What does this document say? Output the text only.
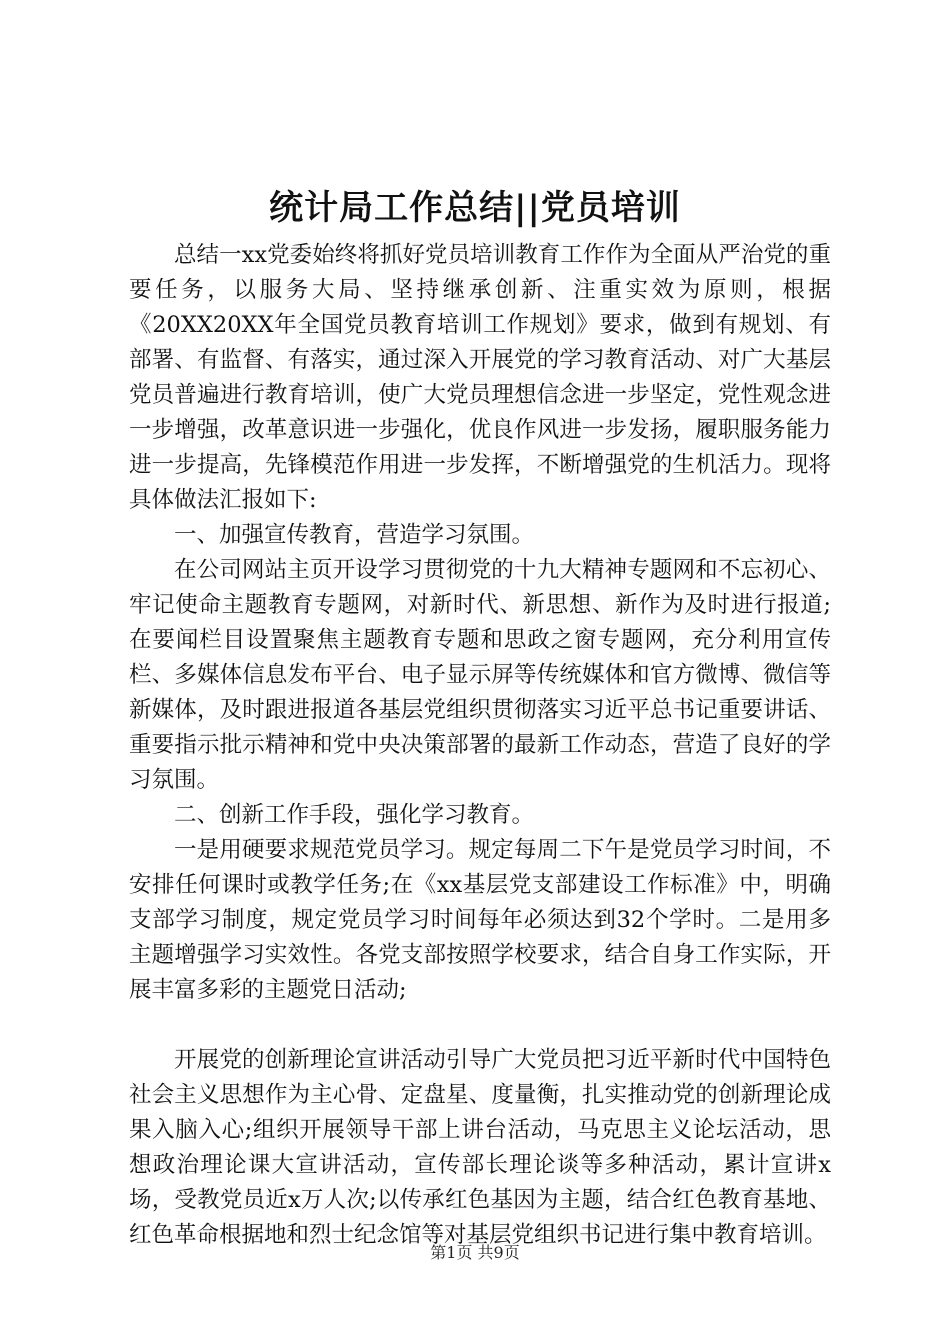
统计局工作总结||党员培训

总结一xx党委始终将抓好党员培训教育工作作为全面从严治党的重要任务，以服务大局、坚持继承创新、注重实效为原则，根据《20XX20XX年全国党员教育培训工作规划》要求，做到有规划、有部署、有监督、有落实，通过深入开展党的学习教育活动、对广大基层党员普遍进行教育培训，使广大党员理想信念进一步坚定，党性观念进一步增强，改革意识进一步强化，优良作风进一步发扬，履职服务能力进一步提高，先锋模范作用进一步发挥，不断增强党的生机活力。现将具体做法汇报如下:

一、加强宣传教育，营造学习氛围。

在公司网站主页开设学习贯彻党的十九大精神专题网和不忘初心、牢记使命主题教育专题网，对新时代、新思想、新作为及时进行报道;在要闻栏目设置聚焦主题教育专题和思政之窗专题网，充分利用宣传栏、多媒体信息发布平台、电子显示屏等传统媒体和官方微博、微信等新媒体，及时跟进报道各基层党组织贯彻落实习近平总书记重要讲话、重要指示批示精神和党中央决策部署的最新工作动态，营造了良好的学习氛围。

二、创新工作手段，强化学习教育。

一是用硬要求规范党员学习。规定每周二下午是党员学习时间，不安排任何课时或教学任务;在《xx基层党支部建设工作标准》中，明确支部学习制度，规定党员学习时间每年必须达到32个学时。二是用多主题增强学习实效性。各党支部按照学校要求，结合自身工作实际，开展丰富多彩的主题党日活动;

开展党的创新理论宣讲活动引导广大党员把习近平新时代中国特色社会主义思想作为主心骨、定盘星、度量衡，扎实推动党的创新理论成果入脑入心;组织开展领导干部上讲台活动，马克思主义论坛活动，思想政治理论课大宣讲活动，宣传部长理论谈等多种活动，累计宣讲x场，受教党员近x万人次;以传承红色基因为主题，结合红色教育基地、红色革命根据地和烈士纪念馆等对基层党组织书记进行集中教育培训。

第1页 共9页
